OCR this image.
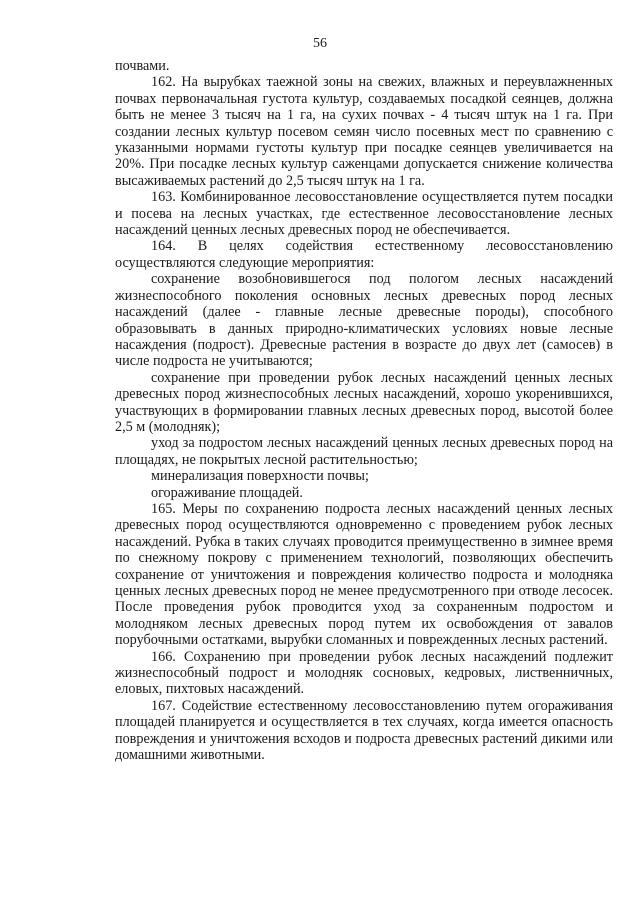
56

почвами.

162. На вырубках таежной зоны на свежих, влажных и переувлажненных почвах первоначальная густота культур, создаваемых посадкой сеянцев, должна быть не менее 3 тысяч на 1 га, на сухих почвах - 4 тысяч штук на 1 га. При создании лесных культур посевом семян число посевных мест по сравнению с указанными нормами густоты культур при посадке сеянцев увеличивается на 20%. При посадке лесных культур саженцами допускается снижение количества высаживаемых растений до 2,5 тысяч штук на 1 га.

163. Комбинированное лесовосстановление осуществляется путем посадки и посева на лесных участках, где естественное лесовосстановление лесных насаждений ценных лесных древесных пород не обеспечивается.

164. В целях содействия естественному лесовосстановлению осуществляются следующие мероприятия:

сохранение возобновившегося под пологом лесных насаждений жизнеспособного поколения основных лесных древесных пород лесных насаждений (далее - главные лесные древесные породы), способного образовывать в данных природно-климатических условиях новые лесные насаждения (подрост). Древесные растения в возрасте до двух лет (самосев) в числе подроста не учитываются;

сохранение при проведении рубок лесных насаждений ценных лесных древесных пород жизнеспособных лесных насаждений, хорошо укоренившихся, участвующих в формировании главных лесных древесных пород, высотой более 2,5 м (молодняк);

уход за подростом лесных насаждений ценных лесных древесных пород на площадях, не покрытых лесной растительностью;

минерализация поверхности почвы;

огораживание площадей.

165. Меры по сохранению подроста лесных насаждений ценных лесных древесных пород осуществляются одновременно с проведением рубок лесных насаждений. Рубка в таких случаях проводится преимущественно в зимнее время по снежному покрову с применением технологий, позволяющих обеспечить сохранение от уничтожения и повреждения количество подроста и молодняка ценных лесных древесных пород не менее предусмотренного при отводе лесосек. После проведения рубок проводится уход за сохраненным подростом и молодняком лесных древесных пород путем их освобождения от завалов порубочными остатками, вырубки сломанных и поврежденных лесных растений.

166. Сохранению при проведении рубок лесных насаждений подлежит жизнеспособный подрост и молодняк сосновых, кедровых, лиственничных, еловых, пихтовых насаждений.

167. Содействие естественному лесовосстановлению путем огораживания площадей планируется и осуществляется в тех случаях, когда имеется опасность повреждения и уничтожения всходов и подроста древесных растений дикими или домашними животными.
